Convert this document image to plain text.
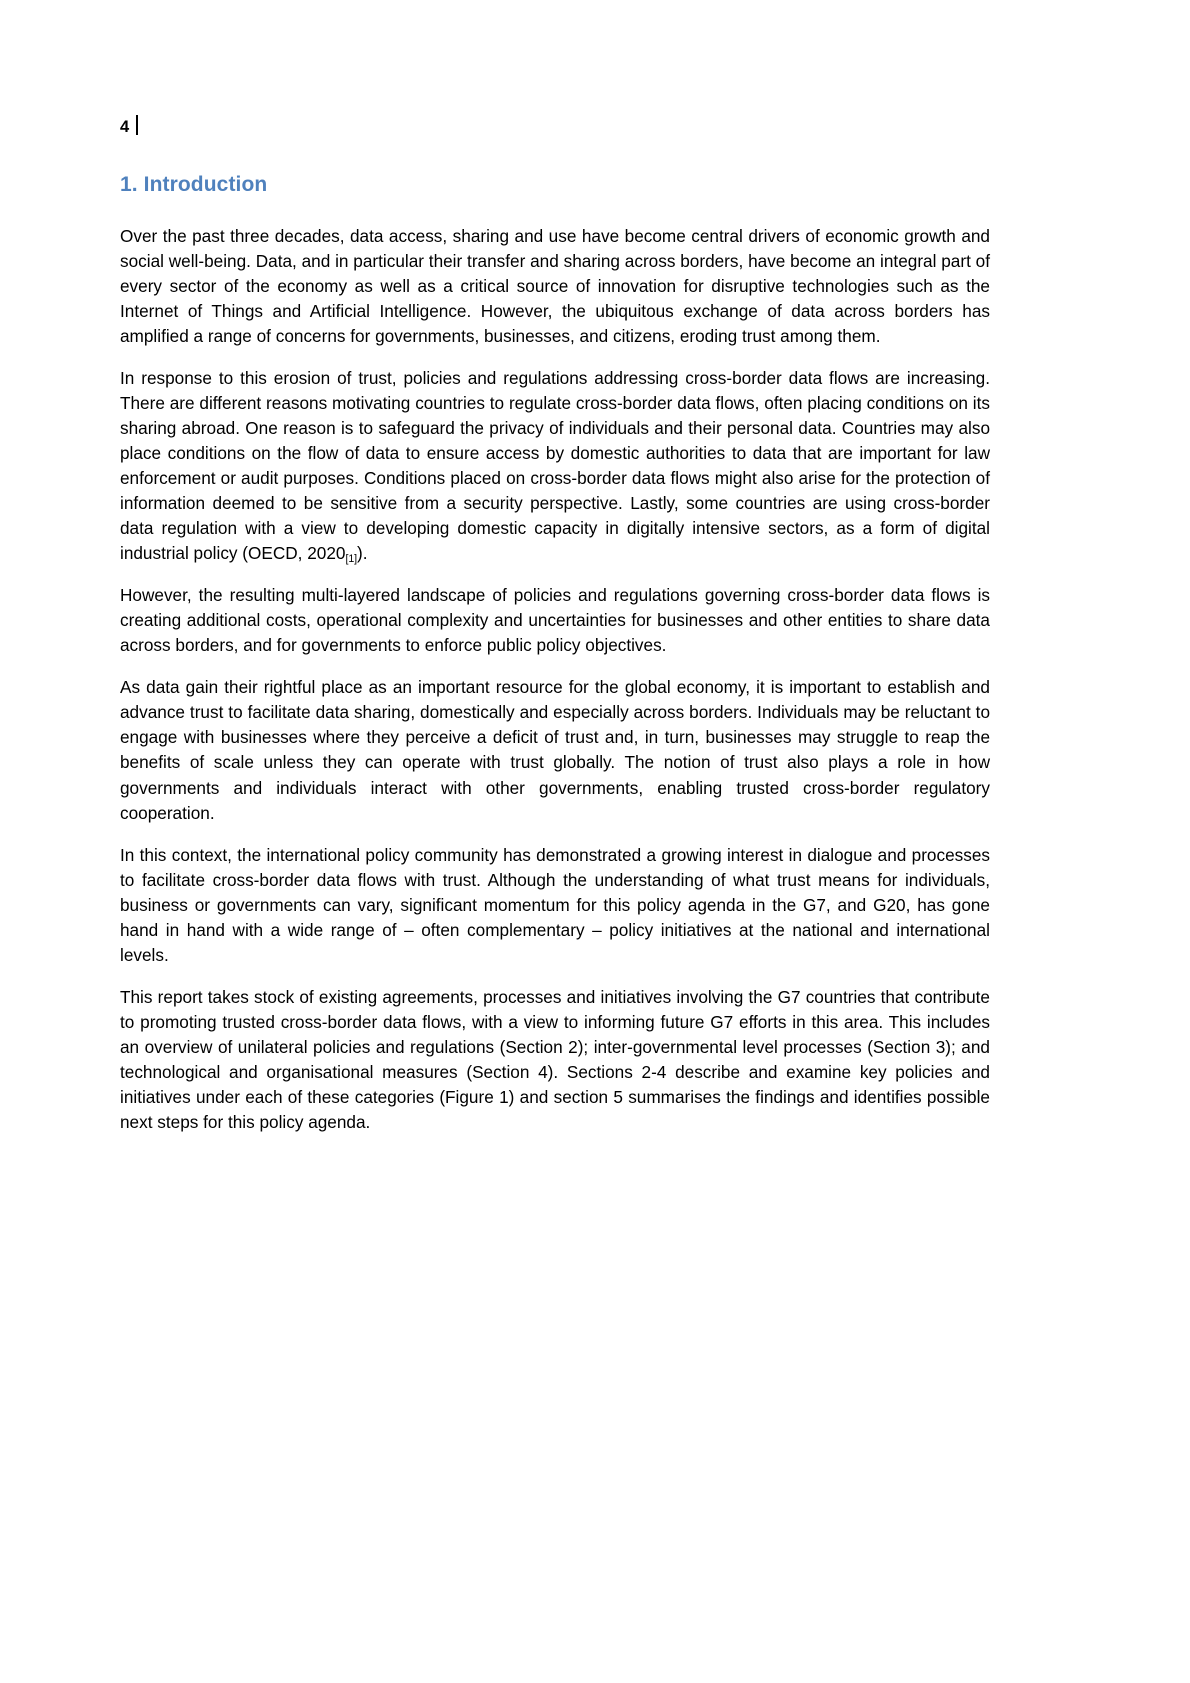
4
1. Introduction

Over the past three decades, data access, sharing and use have become central drivers of economic growth and social well-being. Data, and in particular their transfer and sharing across borders, have become an integral part of every sector of the economy as well as a critical source of innovation for disruptive technologies such as the Internet of Things and Artificial Intelligence. However, the ubiquitous exchange of data across borders has amplified a range of concerns for governments, businesses, and citizens, eroding trust among them.

In response to this erosion of trust, policies and regulations addressing cross-border data flows are increasing. There are different reasons motivating countries to regulate cross-border data flows, often placing conditions on its sharing abroad. One reason is to safeguard the privacy of individuals and their personal data. Countries may also place conditions on the flow of data to ensure access by domestic authorities to data that are important for law enforcement or audit purposes. Conditions placed on cross-border data flows might also arise for the protection of information deemed to be sensitive from a security perspective. Lastly, some countries are using cross-border data regulation with a view to developing domestic capacity in digitally intensive sectors, as a form of digital industrial policy (OECD, $2020_{[1]}$).

However, the resulting multi-layered landscape of policies and regulations governing cross-border data flows is creating additional costs, operational complexity and uncertainties for businesses and other entities to share data across borders, and for governments to enforce public policy objectives.

As data gain their rightful place as an important resource for the global economy, it is important to establish and advance trust to facilitate data sharing, domestically and especially across borders. Individuals may be reluctant to engage with businesses where they perceive a deficit of trust and, in turn, businesses may struggle to reap the benefits of scale unless they can operate with trust globally. The notion of trust also plays a role in how governments and individuals interact with other governments, enabling trusted cross-border regulatory cooperation.

In this context, the international policy community has demonstrated a growing interest in dialogue and processes to facilitate cross-border data flows with trust. Although the understanding of what trust means for individuals, business or governments can vary, significant momentum for this policy agenda in the G7, and G20, has gone hand in hand with a wide range of – often complementary – policy initiatives at the national and international levels.

This report takes stock of existing agreements, processes and initiatives involving the G7 countries that contribute to promoting trusted cross-border data flows, with a view to informing future G7 efforts in this area. This includes an overview of unilateral policies and regulations (Section 2); inter-governmental level processes (Section 3); and technological and organisational measures (Section 4). Sections 2-4 describe and examine key policies and initiatives under each of these categories (Figure 1) and section 5 summarises the findings and identifies possible next steps for this policy agenda.
